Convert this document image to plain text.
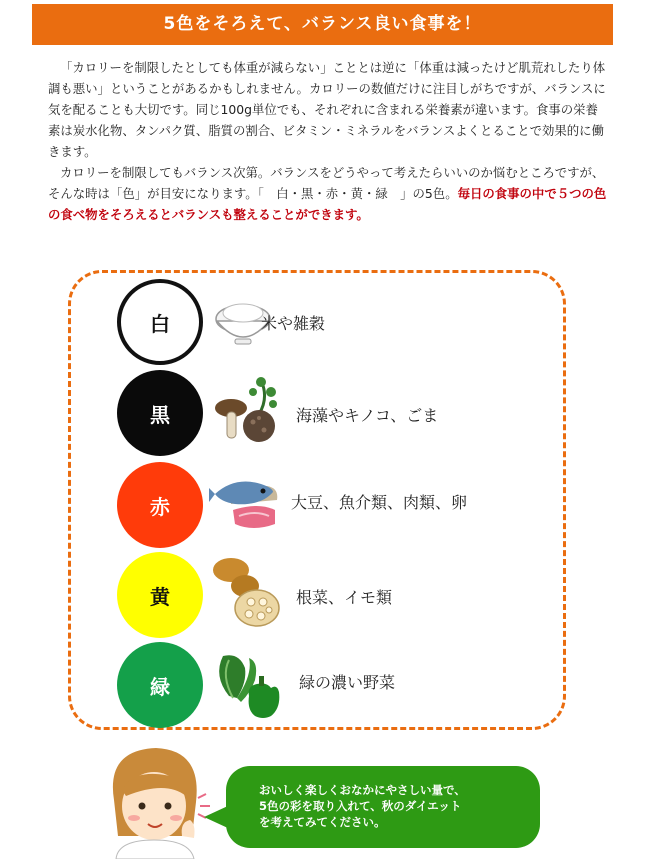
5色をそろえて、バランス良い食事を！

「カロリーを制限したとしても体重が減らない」こととは逆に「体重は減ったけど肌荒れしたり体調も悪い」ということがあるかもしれません。カロリーの数値だけに注目しがちですが、バランスに気を配ることも大切です。同じ100g単位でも、それぞれに含まれる栄養素が違います。食事の栄養素は炭水化物、タンパク質、脂質の割合、ビタミン・ミネラルをバランスよくとることで効果的に働きます。

カロリーを制限してもバランス次第。バランスをどうやって考えたらいいのか悩むところですが、そんな時は「色」が目安になります。「　白・黒・赤・黄・緑　」の5色。毎日の食事の中で５つの色の食べ物をそろえるとバランスも整えることができます。

白	米や雑穀
黒	海藻やキノコ、ごま
赤	大豆、魚介類、肉類、卵
黄	根菜、イモ類
緑	緑の濃い野菜
おいしく楽しくおなかにやさしい量で、
5色の彩を取り入れて、秋のダイエット
を考えてみてください。
